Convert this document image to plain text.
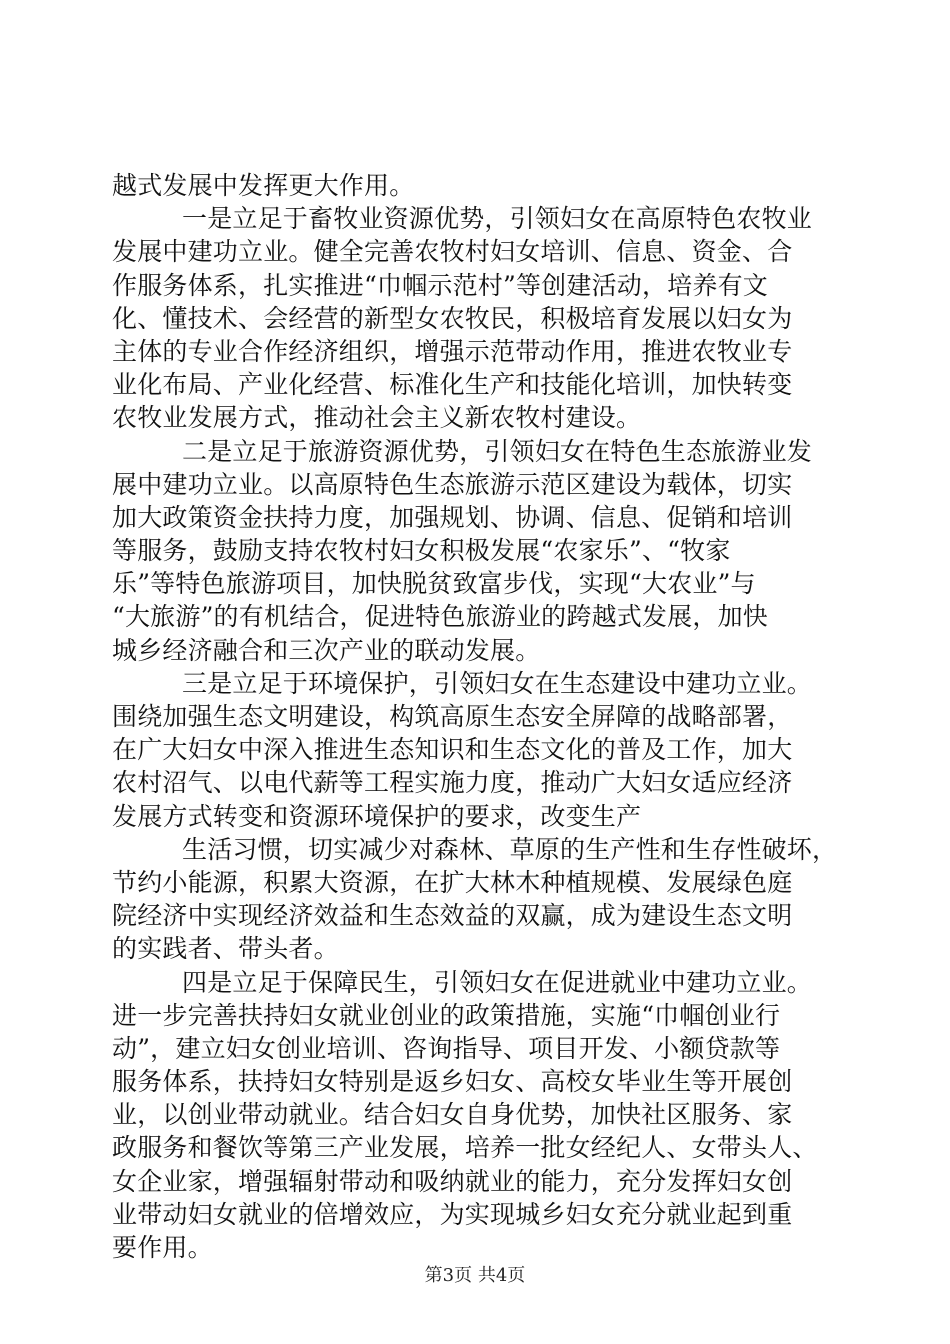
越式发展中发挥更大作用。
一是立足于畜牧业资源优势，引领妇女在高原特色农牧业
发展中建功立业。健全完善农牧村妇女培训、信息、资金、合
作服务体系，扎实推进“巾帼示范村”等创建活动，培养有文
化、懂技术、会经营的新型女农牧民，积极培育发展以妇女为
主体的专业合作经济组织，增强示范带动作用，推进农牧业专
业化布局、产业化经营、标准化生产和技能化培训，加快转变
农牧业发展方式，推动社会主义新农牧村建设。
二是立足于旅游资源优势，引领妇女在特色生态旅游业发
展中建功立业。以高原特色生态旅游示范区建设为载体，切实
加大政策资金扶持力度，加强规划、协调、信息、促销和培训
等服务，鼓励支持农牧村妇女积极发展“农家乐”、“牧家
乐”等特色旅游项目，加快脱贫致富步伐，实现“大农业”与
“大旅游”的有机结合，促进特色旅游业的跨越式发展，加快
城乡经济融合和三次产业的联动发展。
三是立足于环境保护，引领妇女在生态建设中建功立业。
围绕加强生态文明建设，构筑高原生态安全屏障的战略部署，
在广大妇女中深入推进生态知识和生态文化的普及工作，加大
农村沼气、以电代薪等工程实施力度，推动广大妇女适应经济
发展方式转变和资源环境保护的要求，改变生产
生活习惯，切实减少对森林、草原的生产性和生存性破坏，
节约小能源，积累大资源，在扩大林木种植规模、发展绿色庭
院经济中实现经济效益和生态效益的双赢，成为建设生态文明
的实践者、带头者。
四是立足于保障民生，引领妇女在促进就业中建功立业。
进一步完善扶持妇女就业创业的政策措施，实施“巾帼创业行
动”，建立妇女创业培训、咨询指导、项目开发、小额贷款等
服务体系，扶持妇女特别是返乡妇女、高校女毕业生等开展创
业，以创业带动就业。结合妇女自身优势，加快社区服务、家
政服务和餐饮等第三产业发展，培养一批女经纪人、女带头人、
女企业家，增强辐射带动和吸纳就业的能力，充分发挥妇女创
业带动妇女就业的倍增效应，为实现城乡妇女充分就业起到重
要作用。
第3页 共4页
